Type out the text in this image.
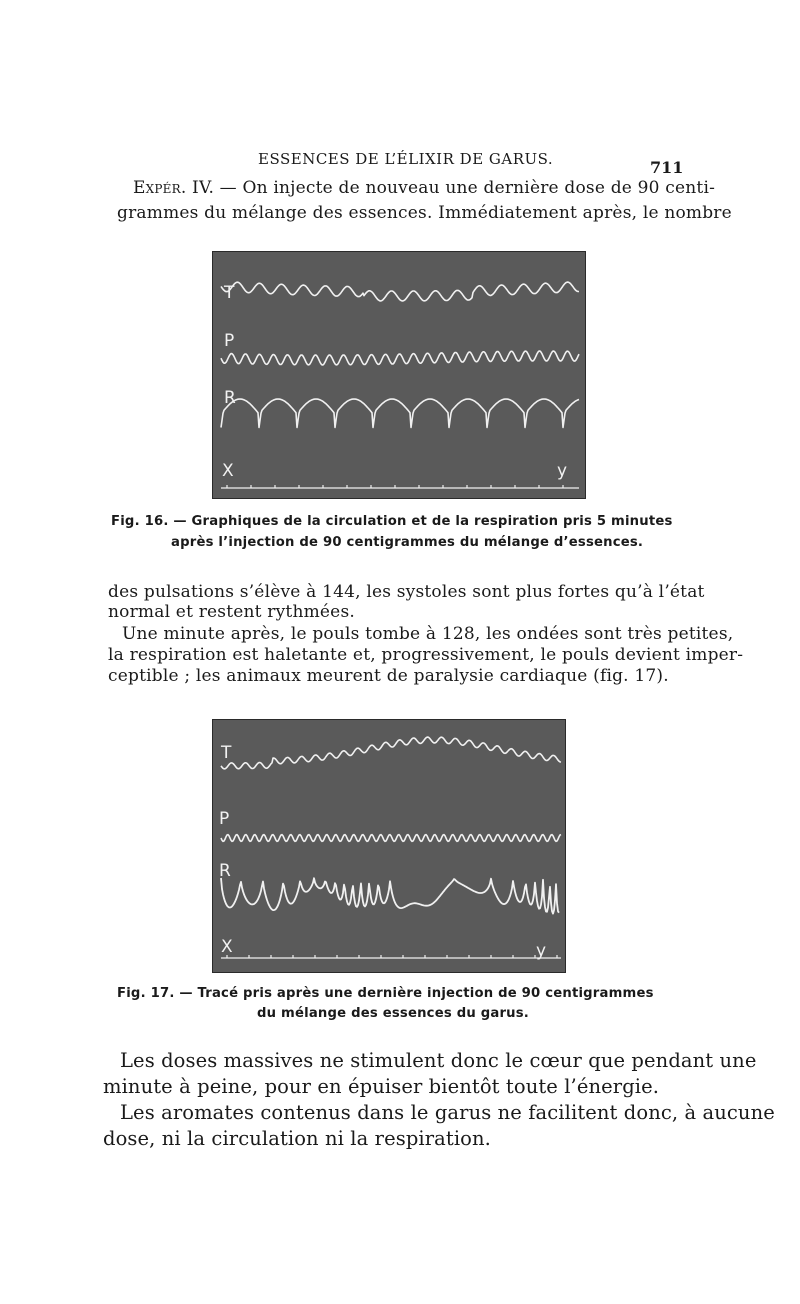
ESSENCES DE L’ÉLIXIR DE GARUS.	711
Expér. IV. — On injecte de nouveau une dernière dose de 90 centi-
grammes du mélange des essences. Immédiatement après, le nombre
T
P
R
X	y
Fig. 16. — Graphiques de la circulation et de la respiration pris 5 minutes
après l’injection de 90 centigrammes du mélange d’essences.
des pulsations s’élève à 144, les systoles sont plus fortes qu’à l’état
normal et restent rythmées.
Une minute après, le pouls tombe à 128, les ondées sont très petites,
la respiration est haletante et, progressivement, le pouls devient imper-
ceptible ; les animaux meurent de paralysie cardiaque (fig. 17).
T
P
R
X	y
Fig. 17. — Tracé pris après une dernière injection de 90 centigrammes
du mélange des essences du garus.
Les doses massives ne stimulent donc le cœur que pendant une
minute à peine, pour en épuiser bientôt toute l’énergie.
Les aromates contenus dans le garus ne facilitent donc, à aucune
dose, ni la circulation ni la respiration.
